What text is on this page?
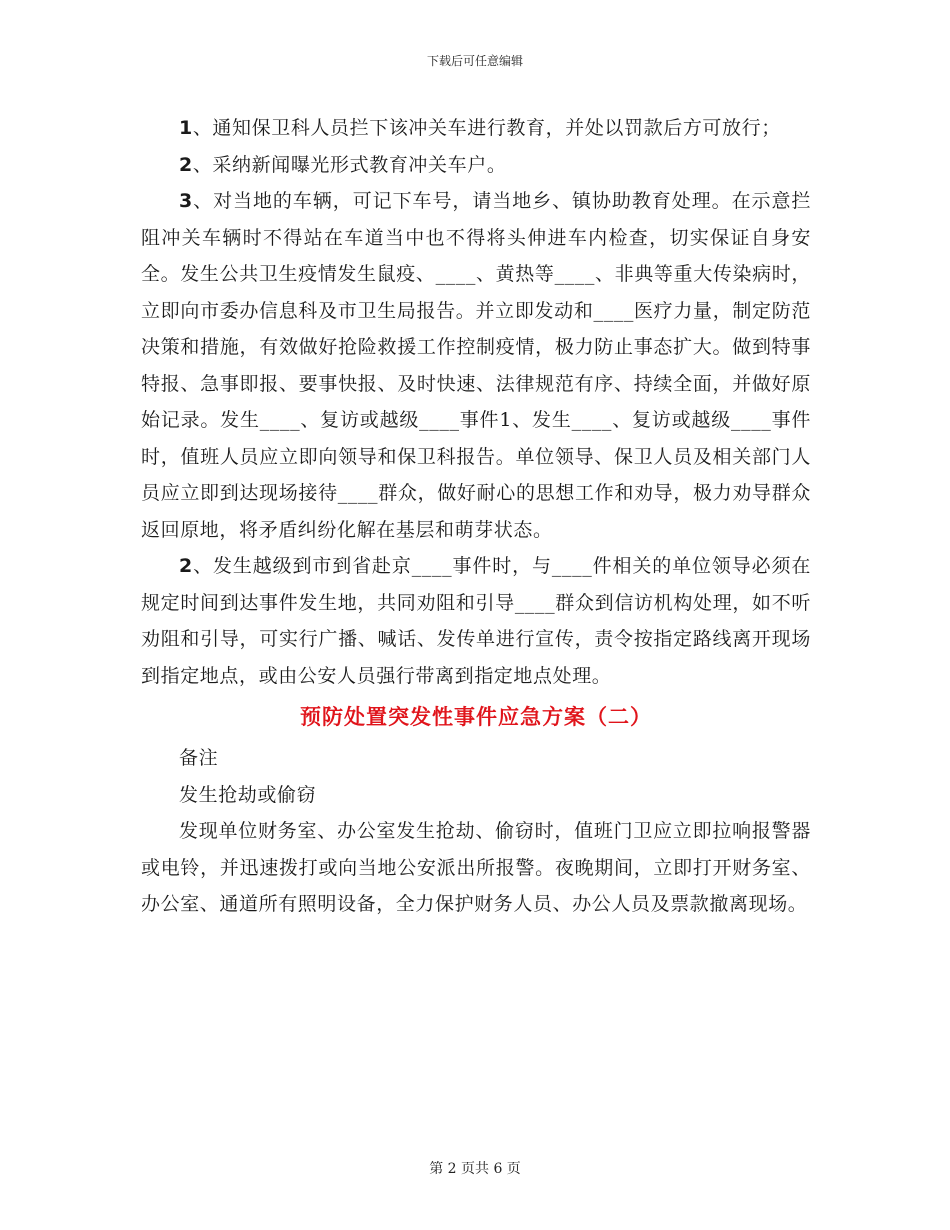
下载后可任意编辑

1、通知保卫科人员拦下该冲关车进行教育，并处以罚款后方可放行；

2、采纳新闻曝光形式教育冲关车户。

3、对当地的车辆，可记下车号，请当地乡、镇协助教育处理。在示意拦阻冲关车辆时不得站在车道当中也不得将头伸进车内检查，切实保证自身安全。发生公共卫生疫情发生鼠疫、____、黄热等____、非典等重大传染病时，立即向市委办信息科及市卫生局报告。并立即发动和____医疗力量，制定防范决策和措施，有效做好抢险救援工作控制疫情，极力防止事态扩大。做到特事特报、急事即报、要事快报、及时快速、法律规范有序、持续全面，并做好原始记录。发生____、复访或越级____事件1、发生____、复访或越级____事件时，值班人员应立即向领导和保卫科报告。单位领导、保卫人员及相关部门人员应立即到达现场接待____群众，做好耐心的思想工作和劝导，极力劝导群众返回原地，将矛盾纠纷化解在基层和萌芽状态。

2、发生越级到市到省赴京____事件时，与____件相关的单位领导必须在规定时间到达事件发生地，共同劝阻和引导____群众到信访机构处理，如不听劝阻和引导，可实行广播、喊话、发传单进行宣传，责令按指定路线离开现场到指定地点，或由公安人员强行带离到指定地点处理。

预防处置突发性事件应急方案（二）

备注

发生抢劫或偷窃

发现单位财务室、办公室发生抢劫、偷窃时，值班门卫应立即拉响报警器或电铃，并迅速拨打或向当地公安派出所报警。夜晚期间，立即打开财务室、办公室、通道所有照明设备，全力保护财务人员、办公人员及票款撤离现场。

第 2 页共 6 页
